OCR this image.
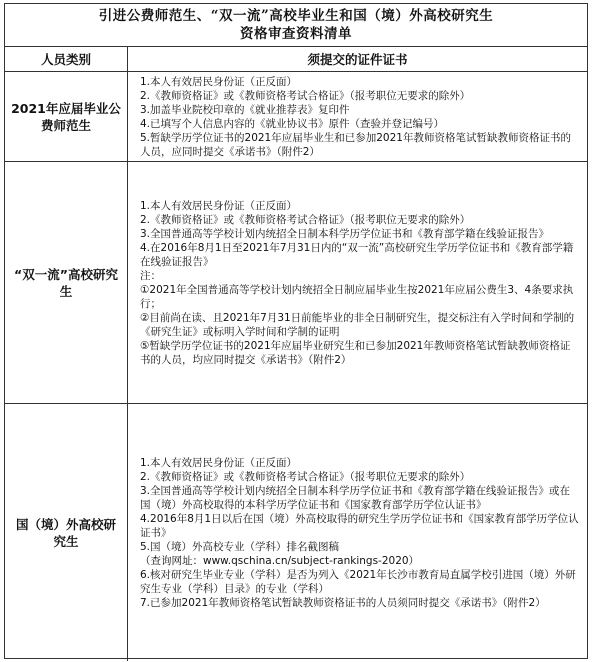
引进公费师范生、“双一流”高校毕业生和国（境）外高校研究生
资格审查资料清单
人员类别	须提交的证件证书
2021年应届毕业公费师范生

1.本人有效居民身份证（正反面）

2.《教师资格证》或《教师资格考试合格证》（报考职位无要求的除外）

3.加盖毕业院校印章的《就业推荐表》复印件

4.已填写个人信息内容的《就业协议书》原件（查验并登记编号）

5.暂缺学历学位证书的2021年应届毕业生和已参加2021年教师资格笔试暂缺教师资格证书的人员，应同时提交《承诺书》（附件2）

“双一流”高校研究生

1.本人有效居民身份证（正反面）

2.《教师资格证》或《教师资格考试合格证》（报考职位无要求的除外）

3.全国普通高等学校计划内统招全日制本科学历学位证书和《教育部学籍在线验证报告》

4.在2016年8月1日至2021年7月31日内的“双一流”高校研究生学历学位证书和《教育部学籍在线验证报告》

注：

①2021年全国普通高等学校计划内统招全日制应届毕业生按2021年应届公费生3、4条要求执行；

②目前尚在读、且2021年7月31日前能毕业的非全日制研究生，提交标注有入学时间和学制的《研究生证》或标明入学时间和学制的证明

⑤暂缺学历学位证书的2021年应届毕业研究生和已参加2021年教师资格笔试暂缺教师资格证书的人员，均应同时提交《承诺书》（附件2）

国（境）外高校研究生

1.本人有效居民身份证（正反面）

2.《教师资格证》或《教师资格考试合格证》（报考职位无要求的除外）

3.全国普通高等学校计划内统招全日制本科学历学位证书和《教育部学籍在线验证报告》或在国（境）外高校取得的本科学历学位证书和《国家教育部学历学位认证书》

4.2016年8月1日以后在国（境）外高校取得的研究生学历学位证书和《国家教育部学历学位认证书》

5.国（境）外高校专业（学科）排名截图稿

（查询网址：www.qschina.cn/subject-rankings-2020）

6.核对研究生毕业专业（学科）是否为列入《2021年长沙市教育局直属学校引进国（境）外研究生专业（学科）目录》的专业（学科）

7.已参加2021年教师资格笔试暂缺教师资格证书的人员须同时提交《承诺书》（附件2）
